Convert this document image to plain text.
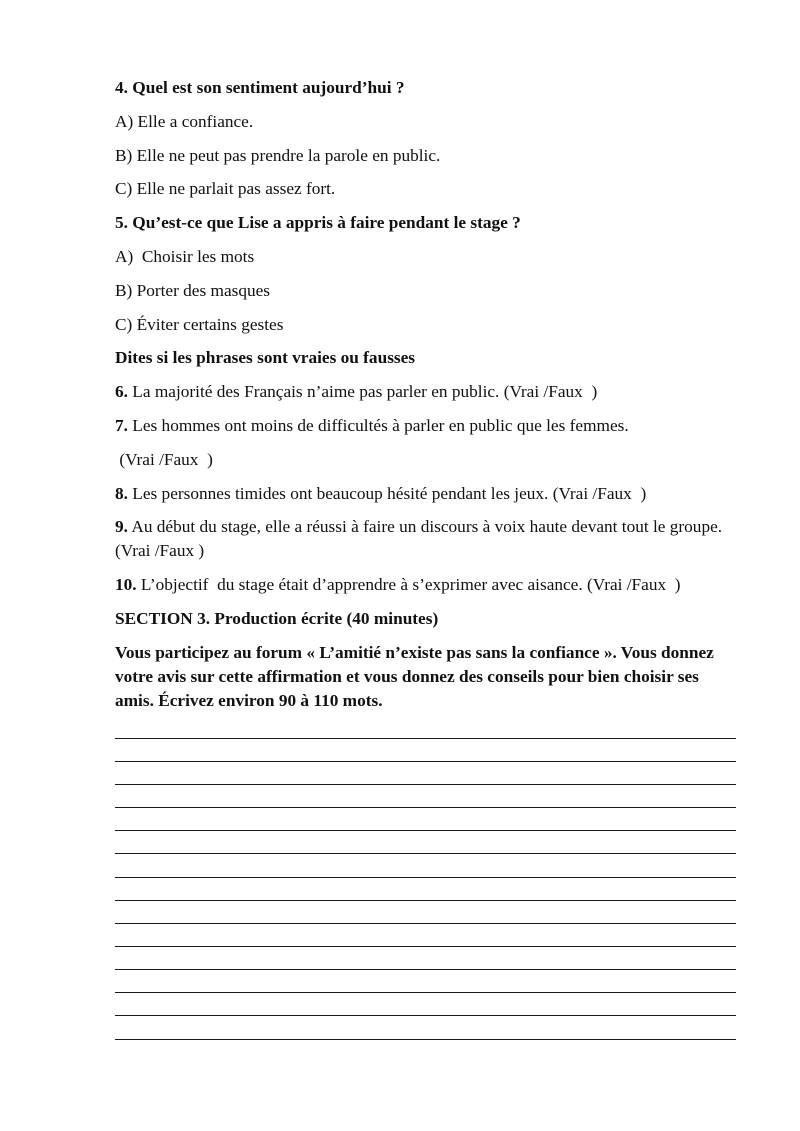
4. Quel est son sentiment aujourd’hui ?
A) Elle a confiance.
B) Elle ne peut pas prendre la parole en public.
C) Elle ne parlait pas assez fort.
5. Qu’est-ce que Lise a appris à faire pendant le stage ?
A)  Choisir les mots
B) Porter des masques
C) Éviter certains gestes
Dites si les phrases sont vraies ou fausses
6. La majorité des Français n’aime pas parler en public. (Vrai /Faux  )
7. Les hommes ont moins de difficultés à parler en public que les femmes.
(Vrai /Faux  )
8. Les personnes timides ont beaucoup hésité pendant les jeux. (Vrai /Faux  )
9. Au début du stage, elle a réussi à faire un discours à voix haute devant tout le groupe. (Vrai /Faux )
10. L’objectif  du stage était d’apprendre à s’exprimer avec aisance. (Vrai /Faux  )
SECTION 3. Production écrite (40 minutes)
Vous participez au forum « L’amitié n’existe pas sans la confiance ». Vous donnez votre avis sur cette affirmation et vous donnez des conseils pour bien choisir ses amis. Écrivez environ 90 à 110 mots.
